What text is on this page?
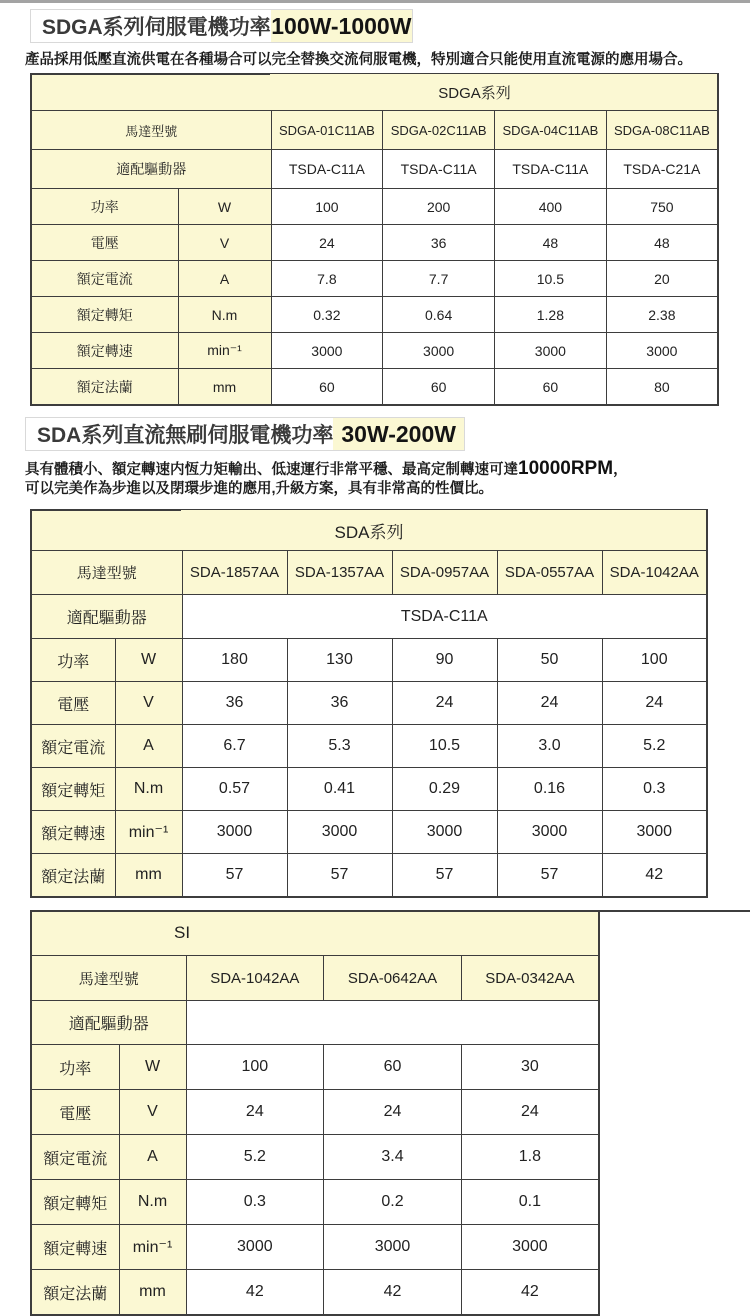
SDGA系列伺服電機功率 100W-1000W
產品採用低壓直流供電在各種場合可以完全替換交流伺服電機，特別適合只能使用直流電源的應用場合。
SDGA系列					
馬達型號		SDGA-01C11AB	SDGA-02C11AB	SDGA-04C11AB	SDGA-08C11AB
適配驅動器		TSDA-C11A	TSDA-C11A	TSDA-C11A	TSDA-C21A
功率	W	100	200	400	750
電壓	V	24	36	48	48
額定電流	A	7.8	7.7	10.5	20
額定轉矩	N.m	0.32	0.64	1.28	2.38
額定轉速	min⁻¹	3000	3000	3000	3000
額定法蘭	mm	60	60	60	80
SDA系列直流無刷伺服電機功率 30W-200W
具有體積小、額定轉速内恆力矩輸出、低速運行非常平穩、最高定制轉速可達10000RPM，
可以完美作為步進以及閉環步進的應用,升級方案，具有非常高的性價比。
SDA系列						
馬達型號		SDA-1857AA	SDA-1357AA	SDA-0957AA	SDA-0557AA	SDA-1042AA
適配驅動器		TSDA-C11A				
功率	W	180	130	90	50	100
電壓	V	36	36	24	24	24
額定電流	A	6.7	5.3	10.5	3.0	5.2
額定轉矩	N.m	0.57	0.41	0.29	0.16	0.3
額定轉速	min⁻¹	3000	3000	3000	3000	3000
額定法蘭	mm	57	57	57	57	42
SI				
馬達型號		SDA-1042AA	SDA-0642AA	SDA-0342AA
適配驅動器				
功率	W	100	60	30
電壓	V	24	24	24
額定電流	A	5.2	3.4	1.8
額定轉矩	N.m	0.3	0.2	0.1
額定轉速	min⁻¹	3000	3000	3000
額定法蘭	mm	42	42	42
